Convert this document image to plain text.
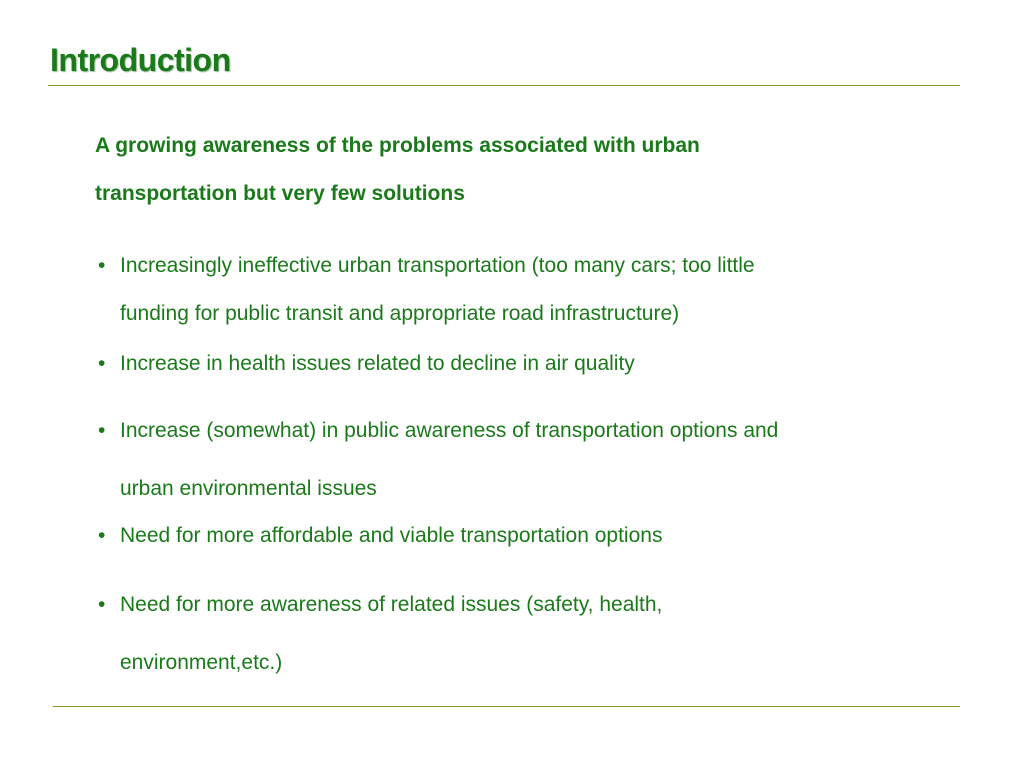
Introduction

A growing awareness of the problems associated with urban
transportation but very few solutions

• Increasingly ineffective urban transportation (too many cars; too little
funding for public transit and appropriate road infrastructure)
• Increase in health issues related to decline in air quality
• Increase (somewhat) in public awareness of transportation options and
urban environmental issues
• Need for more affordable and viable transportation options
• Need for more awareness of related issues (safety, health,
environment,etc.)
